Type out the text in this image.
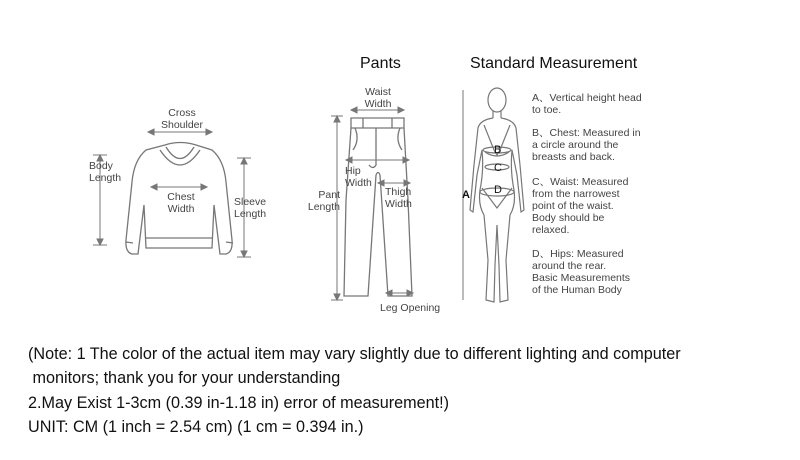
Cross
Shoulder
Body
Length
Chest
Width
Sleeve
Length
Pants
Waist
Width
Hip
Width
Pant
Length
Thigh
Width
Leg Opening
Standard Measurement
A
B
C
D
A、Vertical height head
to toe.
B、Chest: Measured in
a circle around the
breasts and back.
C、Waist: Measured
from the narrowest
point of the waist.
Body should be
relaxed.
D、Hips: Measured
around the rear.
Basic Measurements
of the Human Body
(Note: 1 The color of the actual item may vary slightly due to different lighting and computer
monitors; thank you for your understanding
2.May Exist 1-3cm (0.39 in-1.18 in) error of measurement!)
UNIT: CM (1 inch = 2.54 cm) (1 cm = 0.394 in.)
